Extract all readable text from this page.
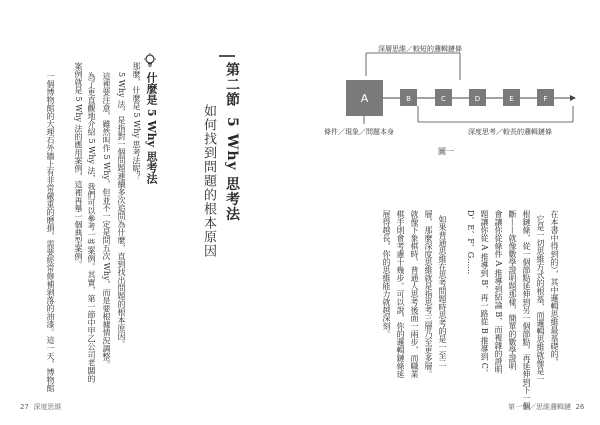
第二節5 Why 思考法
如何找到問題的根本原因
什麼是 5 Why 思考法
那麼，什麼是 5 Why 思考法呢？
5 Why 法，是指對一個問題連續多次追問為什麼，直到找出問題的根本原因。
這裡要注意，雖然叫作 5 Why，但並不一定是問五次 Why，而是要根據情況調整。
為了更直觀地介紹 5 Why 法，我們可以參考一些案例。其實，第一節中甲乙公司老闆的
案例就是 5 Why 法的應用案例，這裡再舉一個典型案例。
一個博物館的大理石外牆上有非常嚴重的磨損，需要經常修補剝落的油漆。這一天，博物館
27 深度思維
深層思維／較短的邏輯鏈條
A	B	C	D	E	F
條件／現象／問題本身	深度思考／較長的邏輯鏈條
圖一
在本書中得到的），其中邏輯思維最基礎的，
它是一切思維方式的根基，而邏輯思維就像是一
根鏈條，從一個節點延伸到另一個節點，再延伸到下一個
斷——就像數學證明題那樣，簡單的數學證明
會讓你從條件 A 推導到結論 B，而複雜的證明
題讓你從 A 推導到 B，再一路從 B 推導到 C、
D、E、F、G……
如果普通思維在思考問題時思考的是一至二
層，那麼深度思維就是指思考三層乃至更多層。
就像下象棋時，普通人思考後面一兩步，而職業
棋手則會考慮十幾步。可以說，你的邏輯鏈條延
展得越長，你的思維能力就越深刻。
第一章／思維邏輯鏈 26
